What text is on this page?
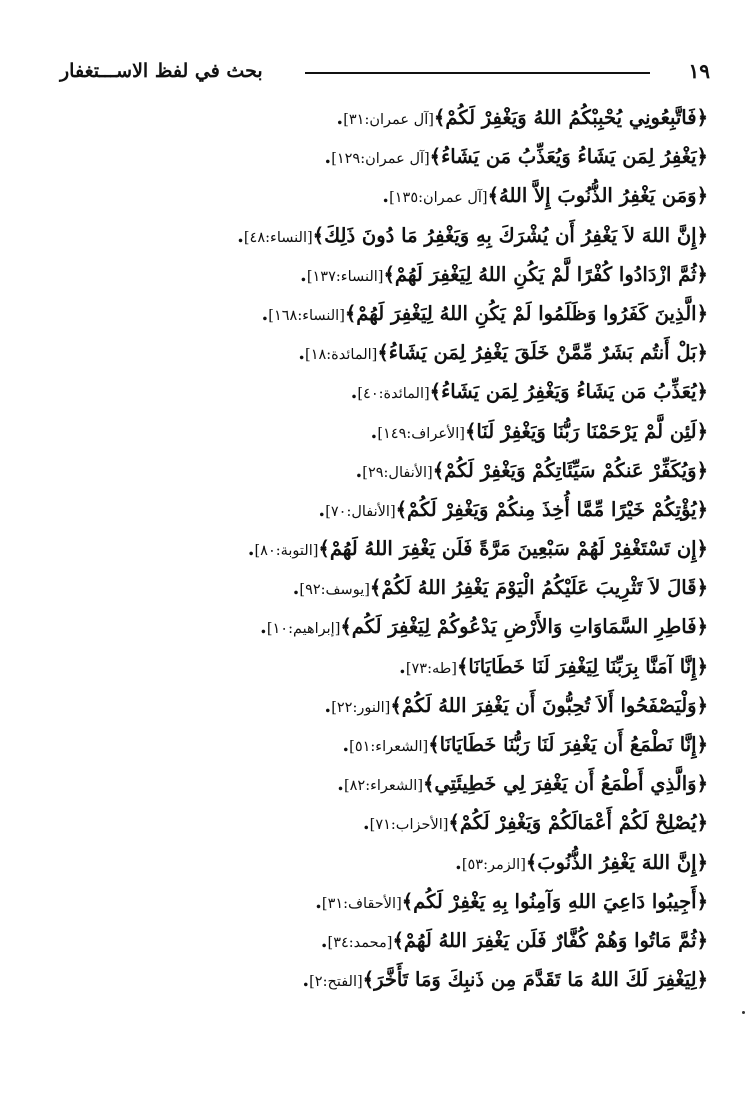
١٩
بحث في لفظ الاســـتغفار
﴿فَاتَّبِعُونِي يُحْبِبْكُمُ اللهُ وَيَغْفِرْ لَكُمْ﴾[آل عمران:٣١].
﴿يَغْفِرُ لِمَن يَشَاءُ وَيُعَذِّبُ مَن يَشَاءُ﴾[آل عمران:١٢٩].
﴿وَمَن يَغْفِرُ الذُّنُوبَ إِلاَّ اللهُ﴾[آل عمران:١٣٥].
﴿إِنَّ اللهَ لاَ يَغْفِرُ أَن يُشْرَكَ بِهِ وَيَغْفِرُ مَا دُونَ ذَلِكَ﴾[النساء:٤٨].
﴿ثُمَّ ازْدَادُوا كُفْرًا لَّمْ يَكُنِ اللهُ لِيَغْفِرَ لَهُمْ﴾[النساء:١٣٧].
﴿الَّذِينَ كَفَرُوا وَظَلَمُوا لَمْ يَكُنِ اللهُ لِيَغْفِرَ لَهُمْ﴾[النساء:١٦٨].
﴿بَلْ أَنتُم بَشَرٌ مِّمَّنْ خَلَقَ يَغْفِرُ لِمَن يَشَاءُ﴾[المائدة:١٨].
﴿يُعَذِّبُ مَن يَشَاءُ وَيَغْفِرُ لِمَن يَشَاءُ﴾[المائدة:٤٠].
﴿لَئِن لَّمْ يَرْحَمْنَا رَبُّنَا وَيَغْفِرْ لَنَا﴾[الأعراف:١٤٩].
﴿وَيُكَفِّرْ عَنكُمْ سَيِّئَاتِكُمْ وَيَغْفِرْ لَكُمْ﴾[الأنفال:٢٩].
﴿يُؤْتِكُمْ خَيْرًا مِّمَّا أُخِذَ مِنكُمْ وَيَغْفِرْ لَكُمْ﴾[الأنفال:٧٠].
﴿إِن تَسْتَغْفِرْ لَهُمْ سَبْعِينَ مَرَّةً فَلَن يَغْفِرَ اللهُ لَهُمْ﴾[التوبة:٨٠].
﴿قَالَ لاَ تَثْرِيبَ عَلَيْكُمُ الْيَوْمَ يَغْفِرُ اللهُ لَكُمْ﴾[يوسف:٩٢].
﴿فَاطِرِ السَّمَاوَاتِ وَالأَرْضِ يَدْعُوكُمْ لِيَغْفِرَ لَكُم﴾[إبراهيم:١٠].
﴿إِنَّا آمَنَّا بِرَبِّنَا لِيَغْفِرَ لَنَا خَطَايَانَا﴾[طه:٧٣].
﴿وَلْيَصْفَحُوا أَلاَ تُحِبُّونَ أَن يَغْفِرَ اللهُ لَكُمْ﴾[النور:٢٢].
﴿إِنَّا نَطْمَعُ أَن يَغْفِرَ لَنَا رَبُّنَا خَطَايَانَا﴾[الشعراء:٥١].
﴿وَالَّذِي أَطْمَعُ أَن يَغْفِرَ لِي خَطِيئَتِي﴾[الشعراء:٨٢].
﴿يُصْلِحْ لَكُمْ أَعْمَالَكُمْ وَيَغْفِرْ لَكُمْ﴾[الأحزاب:٧١].
﴿إِنَّ اللهَ يَغْفِرُ الذُّنُوبَ﴾[الزمر:٥٣].
﴿أَجِيبُوا دَاعِيَ اللهِ وَآمِنُوا بِهِ يَغْفِرْ لَكُم﴾[الأحقاف:٣١].
﴿ثُمَّ مَاتُوا وَهُمْ كُفَّارٌ فَلَن يَغْفِرَ اللهُ لَهُمْ﴾[محمد:٣٤].
﴿لِيَغْفِرَ لَكَ اللهُ مَا تَقَدَّمَ مِن ذَنبِكَ وَمَا تَأَخَّرَ﴾[الفتح:٢].
